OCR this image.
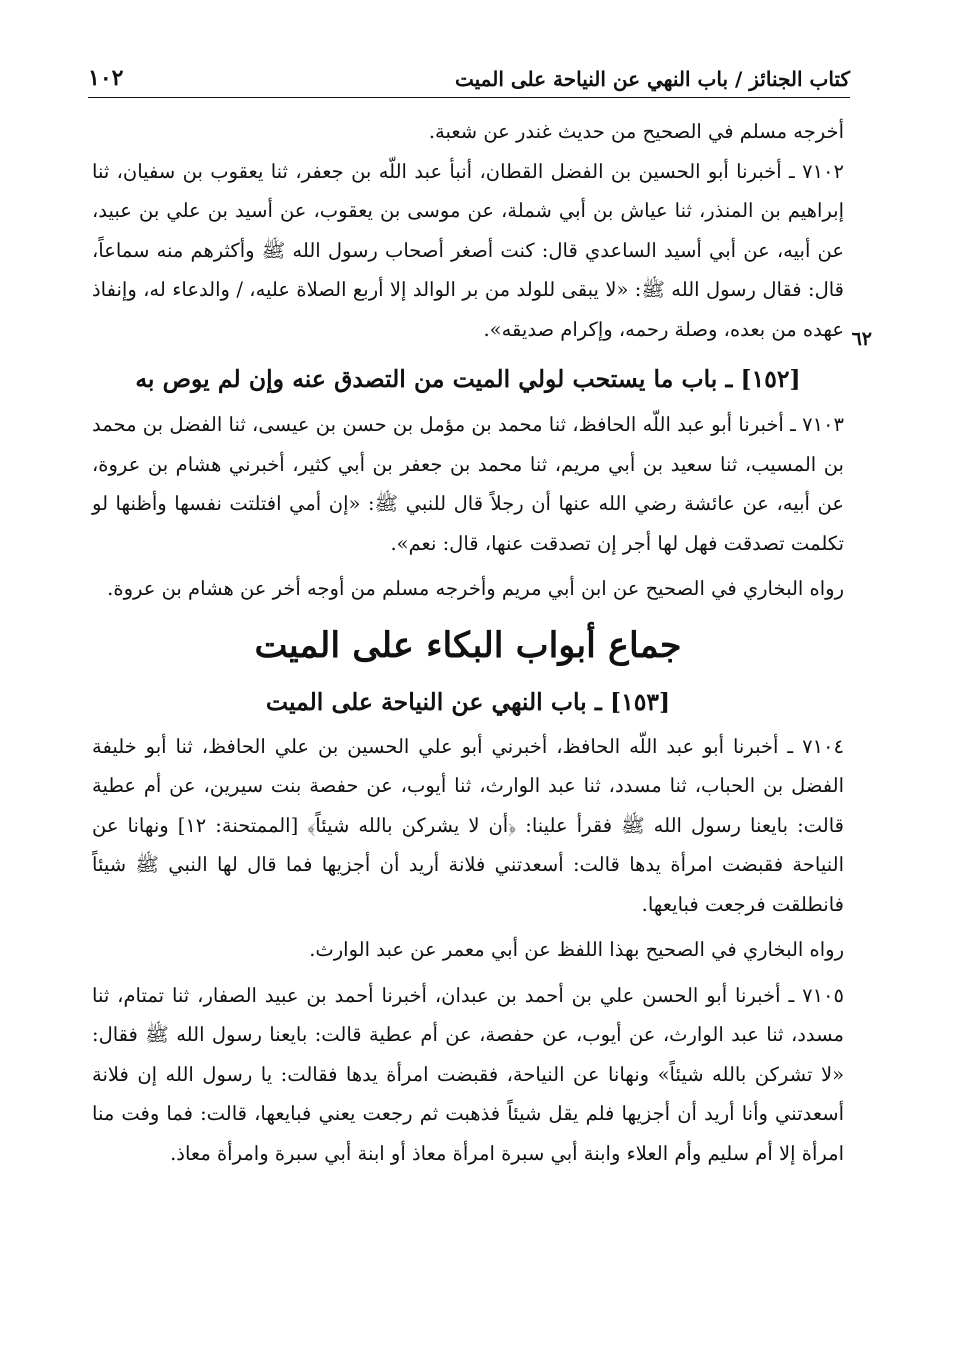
كتاب الجنائز / باب النهي عن النياحة على الميت
١٠٢
٦٢

أخرجه مسلم في الصحيح من حديث غندر عن شعبة.

٧١٠٢ ـ أخبرنا أبو الحسين بن الفضل القطان، أنبأ عبد اللّه بن جعفر، ثنا يعقوب بن سفيان، ثنا إبراهيم بن المنذر، ثنا عياش بن أبي شملة، عن موسى بن يعقوب، عن أسيد بن علي بن عبيد، عن أبيه، عن أبي أسيد الساعدي قال: كنت أصغر أصحاب رسول الله ﷺ وأكثرهم منه سماعاً، قال: فقال رسول الله ﷺ: «لا يبقى للولد من بر الوالد إلا أربع الصلاة عليه، / والدعاء له، وإنفاذ عهده من بعده، وصلة رحمه، وإكرام صديقه».

[١٥٢] ـ باب ما يستحب لولي الميت من التصدق عنه وإن لم يوص به

٧١٠٣ ـ أخبرنا أبو عبد اللّه الحافظ، ثنا محمد بن مؤمل بن حسن بن عيسى، ثنا الفضل بن محمد بن المسيب، ثنا سعيد بن أبي مريم، ثنا محمد بن جعفر بن أبي كثير، أخبرني هشام بن عروة، عن أبيه، عن عائشة رضي الله عنها أن رجلاً قال للنبي ﷺ: «إن أمي افتلتت نفسها وأظنها لو تكلمت تصدقت فهل لها أجر إن تصدقت عنها، قال: نعم».

رواه البخاري في الصحيح عن ابن أبي مريم وأخرجه مسلم من أوجه أخر عن هشام بن عروة.

جماع أبواب البكاء على الميت
[١٥٣] ـ باب النهي عن النياحة على الميت

٧١٠٤ ـ أخبرنا أبو عبد اللّه الحافظ، أخبرني أبو علي الحسين بن علي الحافظ، ثنا أبو خليفة الفضل بن الحباب، ثنا مسدد، ثنا عبد الوارث، ثنا أيوب، عن حفصة بنت سيرين، عن أم عطية قالت: بايعنا رسول الله ﷺ فقرأ علينا: ﴿أن لا يشركن بالله شيئاً﴾ [الممتحنة: ١٢] ونهانا عن النياحة فقبضت امرأة يدها قالت: أسعدتني فلانة أريد أن أجزيها فما قال لها النبي ﷺ شيئاً فانطلقت فرجعت فبايعها.

رواه البخاري في الصحيح بهذا اللفظ عن أبي معمر عن عبد الوارث.

٧١٠٥ ـ أخبرنا أبو الحسن علي بن أحمد بن عبدان، أخبرنا أحمد بن عبيد الصفار، ثنا تمتام، ثنا مسدد، ثنا عبد الوارث، عن أيوب، عن حفصة، عن أم عطية قالت: بايعنا رسول الله ﷺ فقال: «لا تشركن بالله شيئاً» ونهانا عن النياحة، فقبضت امرأة يدها فقالت: يا رسول الله إن فلانة أسعدتني وأنا أريد أن أجزيها فلم يقل شيئاً فذهبت ثم رجعت يعني فبايعها، قالت: فما وفت منا امرأة إلا أم سليم وأم العلاء وابنة أبي سبرة امرأة معاذ أو ابنة أبي سبرة وامرأة معاذ.
